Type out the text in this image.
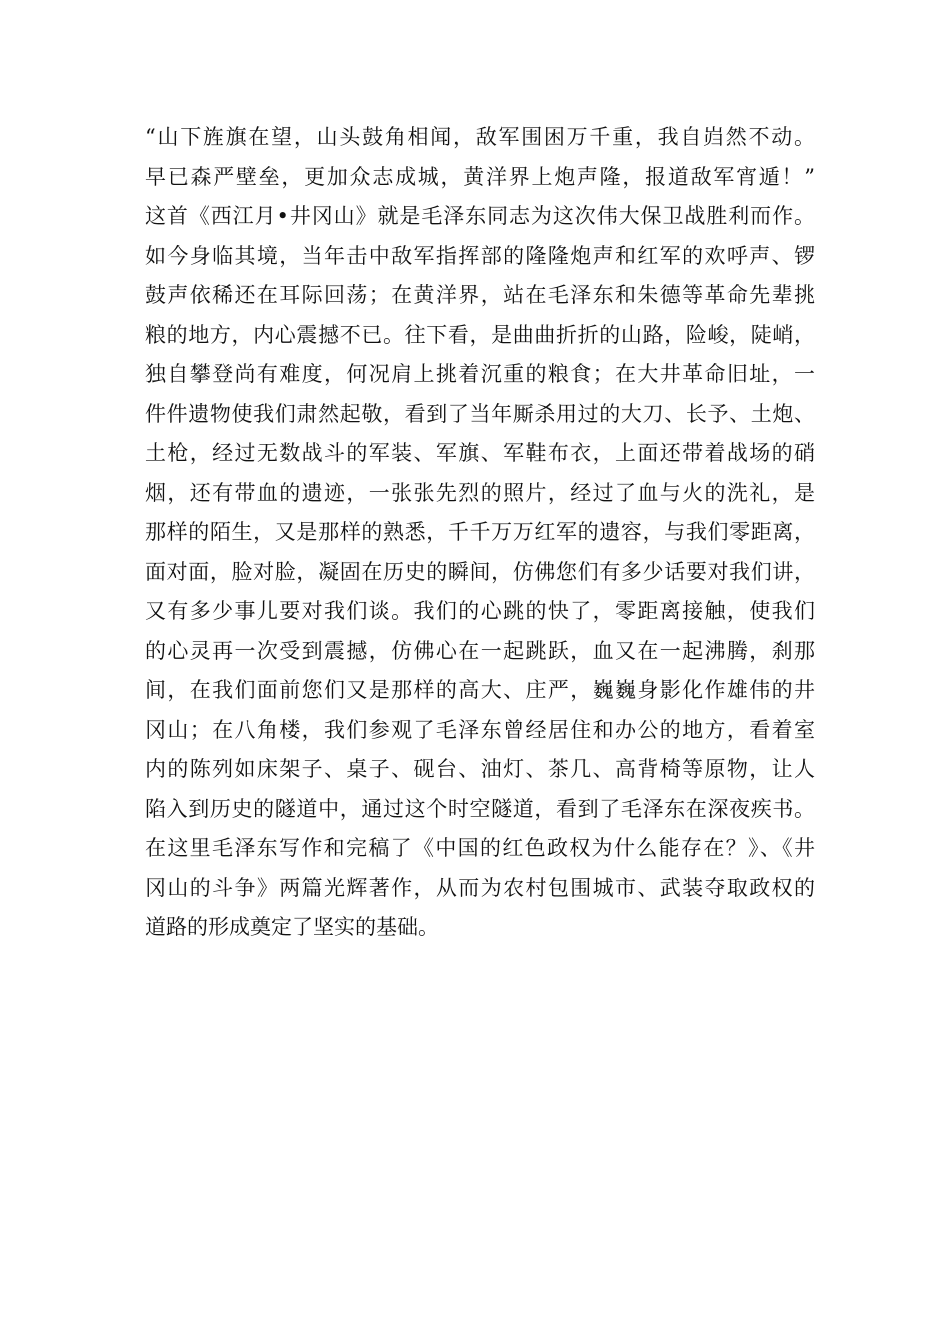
“山下旌旗在望，山头鼓角相闻，敌军围困万千重，我自岿然不动。
早已森严壁垒，更加众志成城，黄洋界上炮声隆，报道敌军宵遁！”
这首《西江月•井冈山》就是毛泽东同志为这次伟大保卫战胜利而作。
如今身临其境，当年击中敌军指挥部的隆隆炮声和红军的欢呼声、锣
鼓声依稀还在耳际回荡；在黄洋界，站在毛泽东和朱德等革命先辈挑
粮的地方，内心震撼不已。往下看，是曲曲折折的山路，险峻，陡峭，
独自攀登尚有难度，何况肩上挑着沉重的粮食；在大井革命旧址，一
件件遗物使我们肃然起敬，看到了当年厮杀用过的大刀、长予、土炮、
土枪，经过无数战斗的军装、军旗、军鞋布衣，上面还带着战场的硝
烟，还有带血的遗迹，一张张先烈的照片，经过了血与火的洗礼，是
那样的陌生，又是那样的熟悉，千千万万红军的遗容，与我们零距离，
面对面，脸对脸，凝固在历史的瞬间，仿佛您们有多少话要对我们讲，
又有多少事儿要对我们谈。我们的心跳的快了，零距离接触，使我们
的心灵再一次受到震撼，仿佛心在一起跳跃，血又在一起沸腾，刹那
间，在我们面前您们又是那样的高大、庄严，巍巍身影化作雄伟的井
冈山；在八角楼，我们参观了毛泽东曾经居住和办公的地方，看着室
内的陈列如床架子、桌子、砚台、油灯、茶几、高背椅等原物，让人
陷入到历史的隧道中，通过这个时空隧道，看到了毛泽东在深夜疾书。
在这里毛泽东写作和完稿了《中国的红色政权为什么能存在？》、《井
冈山的斗争》两篇光辉著作，从而为农村包围城市、武装夺取政权的
道路的形成奠定了坚实的基础。
